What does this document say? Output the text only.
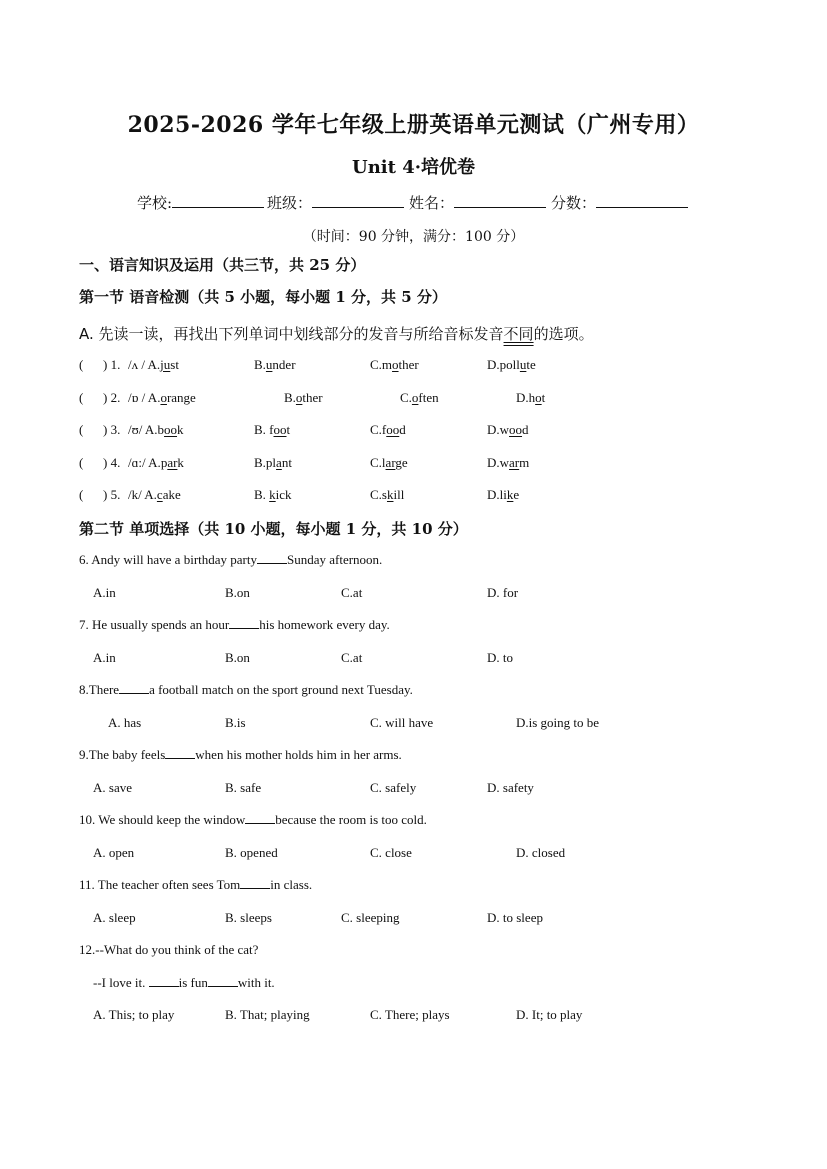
2025-2026 学年七年级上册英语单元测试（广州专用）
Unit 4·培优卷
学校:	班级：	姓名：	分数：
（时间：90 分钟，满分：100 分）
一、语言知识及运用（共三节，共 25 分）
第一节 语音检测（共 5 小题，每小题 1 分，共 5 分）
A. 先读一读，再找出下列单词中划线部分的发音与所给音标发音不同的选项。
( ) 1. /ʌ / A.just	B.under	C.mother	D.pollute
( ) 2. /ɒ / A.orange	B.other	C.often	D.hot
( ) 3. /ʊ/ A.book	B. foot	C.food	D.wood
( ) 4. /ɑ:/ A.park	B.plant	C.large	D.warm
( ) 5. /k/ A.cake	B. kick	C.skill	D.like
第二节 单项选择（共 10 小题，每小题 1 分，共 10 分）
6. Andy will have a birthday party Sunday afternoon.
A.in	B.on	C.at	D. for
7. He usually spends an hour his homework every day.
A.in	B.on	C.at	D. to
8.There a football match on the sport ground next Tuesday.
A. has	B.is	C. will have	D.is going to be
9.The baby feels when his mother holds him in her arms.
A. save	B. safe	C. safely	D. safety
10. We should keep the window because the room is too cold.
A. open	B. opened	C. close	D. closed
11. The teacher often sees Tom in class.
A. sleep	B. sleeps	C. sleeping	D. to sleep
12.--What do you think of the cat?
--I love it. is fun with it.
A. This; to play	B. That; playing	C. There; plays	D. It; to play
